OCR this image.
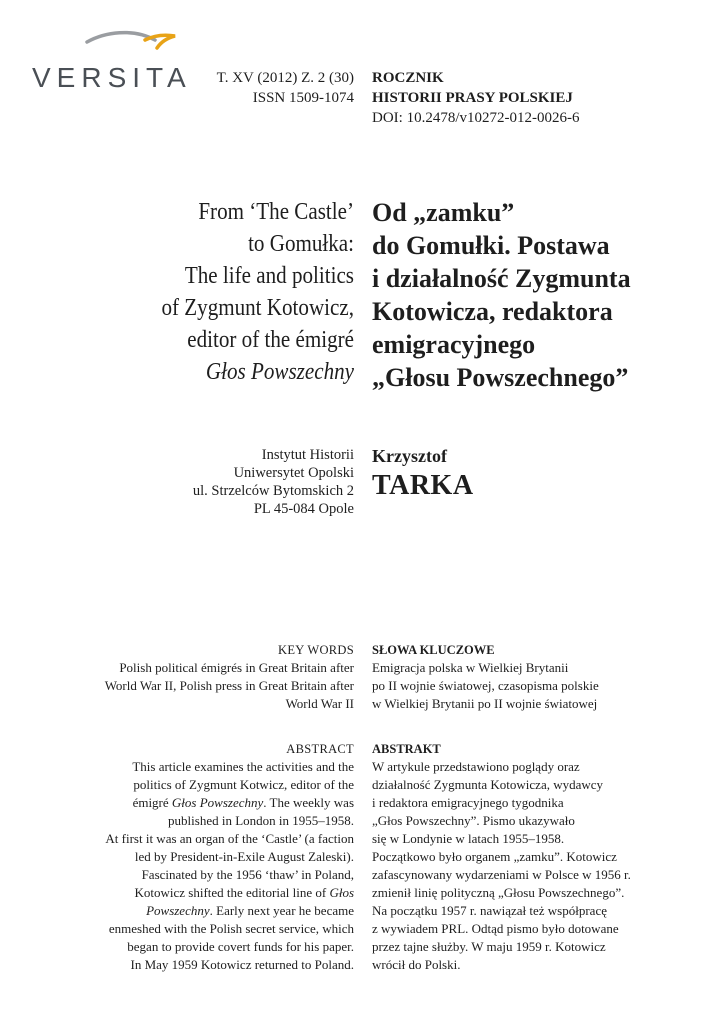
VERSITA T. XV (2012) Z. 2 (30)
ISSN 1509-1074
ROCZNIK
HISTORII PRASY POLSKIEJ
DOI: 10.2478/v10272-012-0026-6
From ‘The Castle’
to Gomułka:
The life and politics
of Zygmunt Kotowicz,
editor of the émigré
Głos Powszechny
Od „zamku”
do Gomułki. Postawa
i działalność Zygmunta
Kotowicza, redaktora
emigracyjnego
„Głosu Powszechnego”
Instytut Historii
Uniwersytet Opolski
ul. Strzelców Bytomskich 2
PL 45-084 Opole
Krzysztof
TARKA
KEY WORDS
Polish political émigrés in Great Britain after
World War II, Polish press in Great Britain after
World War II
SŁOWA KLUCZOWE
Emigracja polska w Wielkiej Brytanii
po II wojnie światowej, czasopisma polskie
w Wielkiej Brytanii po II wojnie światowej
ABSTRACT
This article examines the activities and the
politics of Zygmunt Kotwicz, editor of the
émigré Głos Powszechny. The weekly was
published in London in 1955–1958.
At first it was an organ of the ‘Castle’ (a faction
led by President-in-Exile August Zaleski).
Fascinated by the 1956 ‘thaw’ in Poland,
Kotowicz shifted the editorial line of Głos
Powszechny. Early next year he became
enmeshed with the Polish secret service, which
began to provide covert funds for his paper.
In May 1959 Kotowicz returned to Poland.
ABSTRAKT
W artykule przedstawiono poglądy oraz
działalność Zygmunta Kotowicza, wydawcy
i redaktora emigracyjnego tygodnika
„Głos Powszechny”. Pismo ukazywało
się w Londynie w latach 1955–1958.
Początkowo było organem „zamku”. Kotowicz
zafascynowany wydarzeniami w Polsce w 1956 r.
zmienił linię polityczną „Głosu Powszechnego”.
Na początku 1957 r. nawiązał też współpracę
z wywiadem PRL. Odtąd pismo było dotowane
przez tajne służby. W maju 1959 r. Kotowicz
wrócił do Polski.
